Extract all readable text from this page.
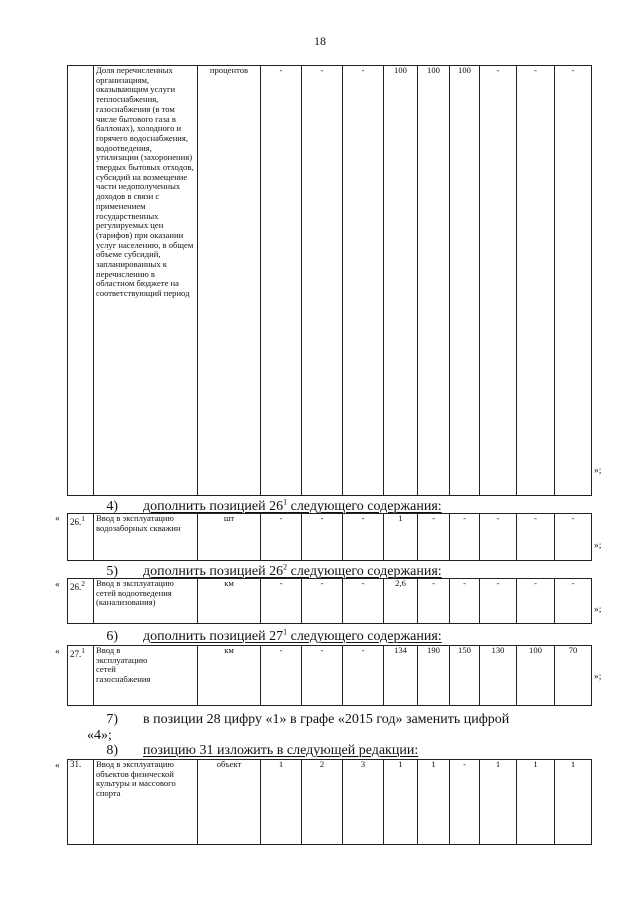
18
	Доля перечисленных организациям, оказывающим услуги теплоснабжения, газоснабжения (в том числе бытового газа в баллонах), холодного и горячего водоснабжения, водоотведения, утилизации (захоронения) твердых бытовых отходов, субсидий на возмещение части недополученных доходов в связи с применением государственных регулируемых цен (тарифов) при оказании услуг населению, в общем объеме субсидий, запланированных к перечислению в областном бюджете на соответствующий период	процентов	-	-	-	100	100	100	-	-	-
»;
4) дополнить позицией $26^1$ следующего содержания:
« 26.$^1$	Ввод в эксплуатацию водозаборных скважин	шт	-	-	-	1	-	-	-	-	-
»;
5) дополнить позицией $26^2$ следующего содержания:
« 26.$^2$	Ввод в эксплуатацию сетей водоотведения (канализования)	км	-	-	-	2,6	-	-	-	-	-
»;
6) дополнить позицией $27^1$ следующего содержания:
« 27.$^1$	Ввод в эксплуатацию сетей газоснабжения	км	-	-	-	134	190	150	130	100	70
»;
7) в позиции 28 цифру «1» в графе «2015 год» заменить цифрой
«4»;
8) позицию 31 изложить в следующей редакции:
« 31.	Ввод в эксплуатацию объектов физической культуры и массового спорта	объект	1	2	3	1	1	-	1	1	1
